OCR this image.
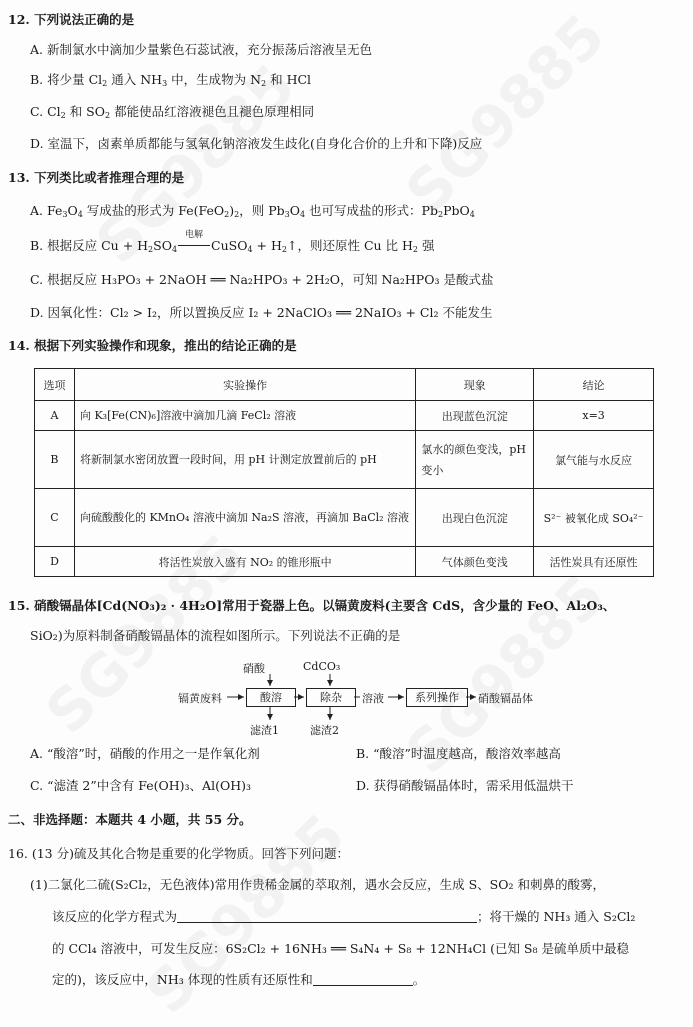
12. 下列说法正确的是
A. 新制氯水中滴加少量紫色石蕊试液，充分振荡后溶液呈无色
B. 将少量 $Cl_2$ 通入 $NH_3$ 中，生成物为 $N_2$ 和 HCl
C. $Cl_2$ 和 $SO_2$ 都能使品红溶液褪色且褪色原理相同
D. 室温下，卤素单质都能与氢氧化钠溶液发生歧化(自身化合价的上升和下降)反应
13. 下列类比或者推理合理的是
A. $Fe_3O_4$ 写成盐的形式为 $Fe(FeO_2)_2$，则 $Pb_3O_4$ 也可写成盐的形式：$Pb_2PbO_4$
B. 根据反应 $Cu + H_2SO_4$
电解
CuSO$_4$ + $H_2↑$，则还原性 Cu 比 $H_2$ 强
C. 根据反应 H₃PO₃ + 2NaOH ══ Na₂HPO₃ + 2H₂O，可知 Na₂HPO₃ 是酸式盐
D. 因氧化性：Cl₂ > I₂，所以置换反应 I₂ + 2NaClO₃ ══ 2NaIO₃ + Cl₂ 不能发生
14. 根据下列实验操作和现象，推出的结论正确的是
选项	实验操作	现象	结论
A	向 K₃[Fe(CN)₆]溶液中滴加几滴 FeCl₂ 溶液	出现蓝色沉淀	x=3
B	将新制氯水密闭放置一段时间，用 pH 计测定放置前后的 pH	氯水的颜色变浅，pH 变小	氯气能与水反应
C	向硫酸酸化的 KMnO₄ 溶液中滴加 Na₂S 溶液，再滴加 BaCl₂ 溶液	出现白色沉淀	S²⁻ 被氧化成 SO₄²⁻
D	将活性炭放入盛有 NO₂ 的锥形瓶中	气体颜色变浅	活性炭具有还原性
15. 硝酸镉晶体[Cd(NO₃)₂ · 4H₂O]常用于瓷器上色。以镉黄废料(主要含 CdS，含少量的 FeO、Al₂O₃、
SiO₂)为原料制备硝酸镉晶体的流程如图所示。下列说法不正确的是
硝酸	CdCO₃
镉黄废料	酸溶	除杂	溶液	系列操作	硝酸镉晶体
滤渣1	滤渣2
A. “酸溶”时，硝酸的作用之一是作氧化剂	B. “酸溶”时温度越高，酸溶效率越高
C. “滤渣 2”中含有 Fe(OH)₃、Al(OH)₃	D. 获得硝酸镉晶体时，需采用低温烘干
二、非选择题：本题共 4 小题，共 55 分。
16. (13 分)硫及其化合物是重要的化学物质。回答下列问题：
(1)二氯化二硫(S₂Cl₂，无色液体)常用作贵稀金属的萃取剂，遇水会反应，生成 S、SO₂ 和刺鼻的酸雾，
该反应的化学方程式为	；将干燥的 NH₃ 通入 S₂Cl₂
的 CCl₄ 溶液中，可发生反应：6S₂Cl₂ + 16NH₃ ══ S₄N₄ + S₈ + 12NH₄Cl (已知 S₈ 是硫单质中最稳
定的)，该反应中，NH₃ 体现的性质有还原性和	。
